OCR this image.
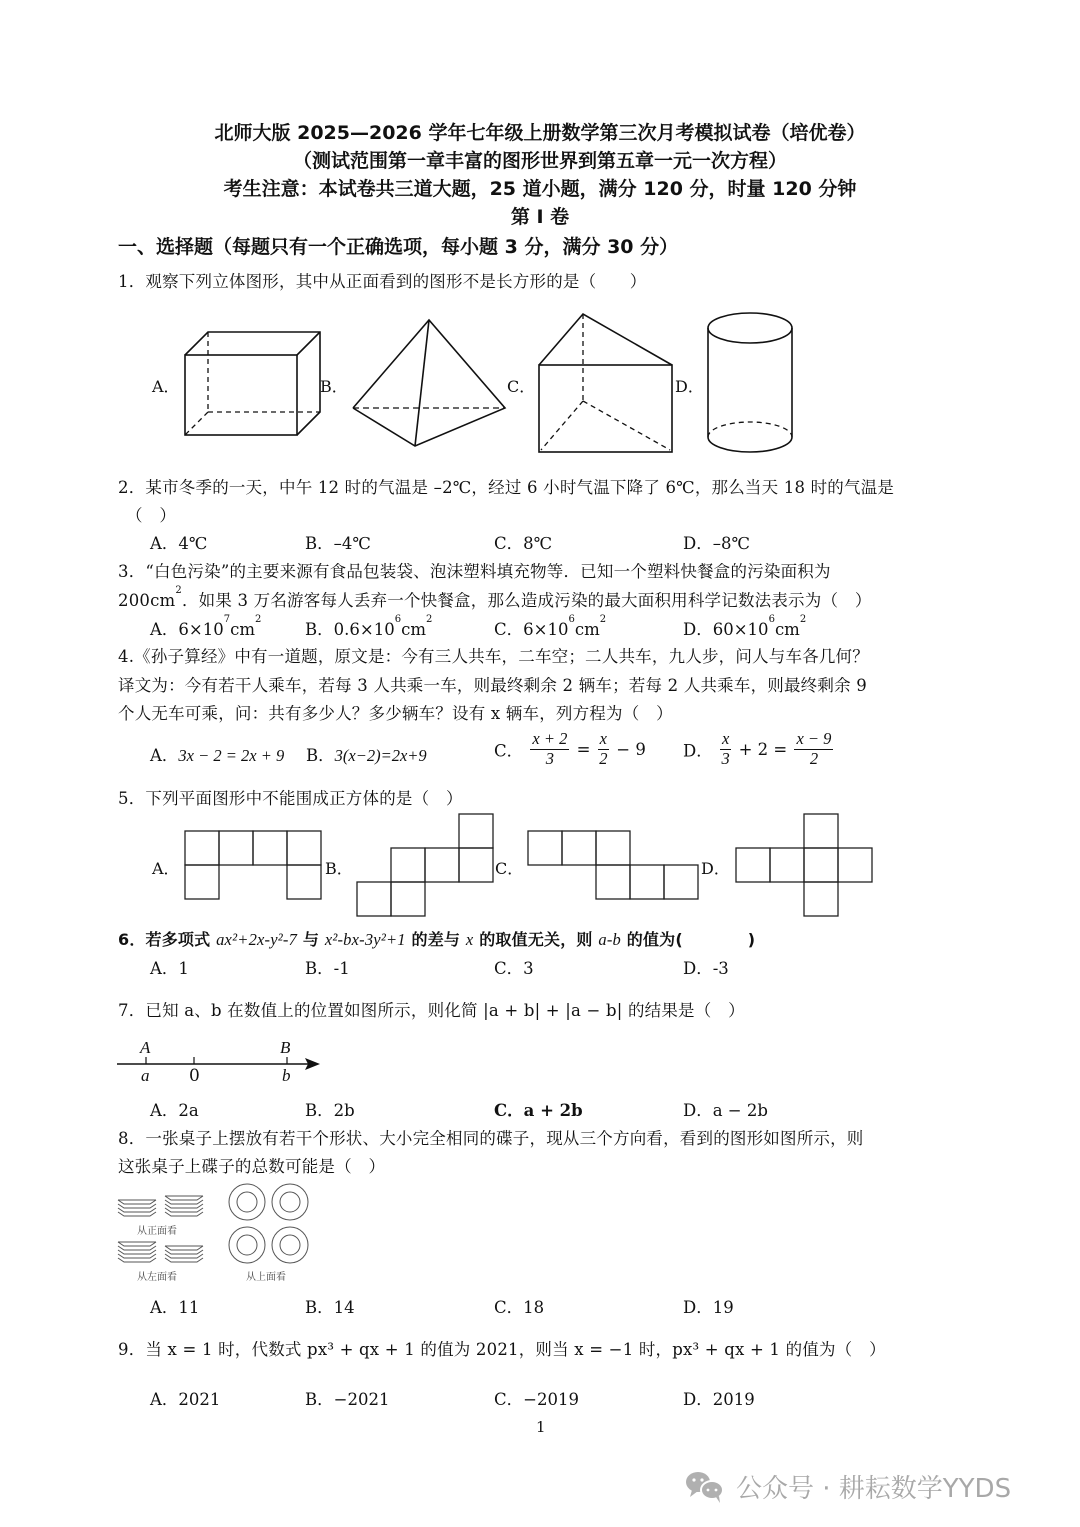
北师大版 2025—2026 学年七年级上册数学第三次月考模拟试卷（培优卷）
（测试范围第一章丰富的图形世界到第五章一元一次方程）
考生注意：本试卷共三道大题，25 道小题，满分 120 分，时量 120 分钟
第 I 卷
一、选择题（每题只有一个正确选项，每小题 3 分，满分 30 分）
1．观察下列立体图形，其中从正面看到的图形不是长方形的是（　　）
A．	B．	C．	D．
2．某市冬季的一天，中午 12 时的气温是 –2℃，经过 6 小时气温下降了 6℃，那么当天 18 时的气温是
（　）
A．4℃	B．–4℃	C．8℃	D．–8℃
3．“白色污染”的主要来源有食品包装袋、泡沫塑料填充物等．已知一个塑料快餐盒的污染面积为
$200cm^2$．如果 3 万名游客每人丢弃一个快餐盒，那么造成污染的最大面积用科学记数法表示为（　）
A．$6\times 10^7cm^2$
B．$0.6\times 10^6cm^2$
C．$6\times 10^6cm^2$
D．$60\times 10^6cm^2$
4.《孙子算经》中有一道题，原文是：今有三人共车，二车空；二人共车，九人步，问人与车各几何？
译文为：今有若干人乘车，若每 3 人共乘一车，则最终剩余 2 辆车；若每 2 人共乘车，则最终剩余 9
个人无车可乘，问：共有多少人？多少辆车？设有 x 辆车，列方程为（　）
A．3x − 2 = 2x + 9 B．3(x−2)=2x+9	C． $\frac{x + 2}{3} = \frac{x}{2} - 9$ D． $\frac{x}{3} + 2 = \frac{x - 9}{2}$
5．下列平面图形中不能围成正方体的是（　）
A．	B．	C．	D．
6．若多项式 ax²+2x-y²-7 与 x²-bx-3y²+1 的差与 x 的取值无关，则 a-b 的值为(　　　　)
A．1	B．-1	C．3	D．-3
7．已知 a、b 在数值上的位置如图所示，则化简 |a + b| + |a − b| 的结果是（　）
A	B
a 0	b
A．2a	B．2b	C．a + 2b	D．a − 2b
8．一张桌子上摆放有若干个形状、大小完全相同的碟子，现从三个方向看，看到的图形如图所示，则
这张桌子上碟子的总数可能是（　）
从正面看
从左面看	从上面看
A．11	B．14	C．18	D．19
9．当 x = 1 时，代数式 px³ + qx + 1 的值为 2021，则当 x = −1 时，px³ + qx + 1 的值为（　）
A．2021	B．−2021	C．−2019	D．2019
1
公众号 · 耕耘数学YYDS
